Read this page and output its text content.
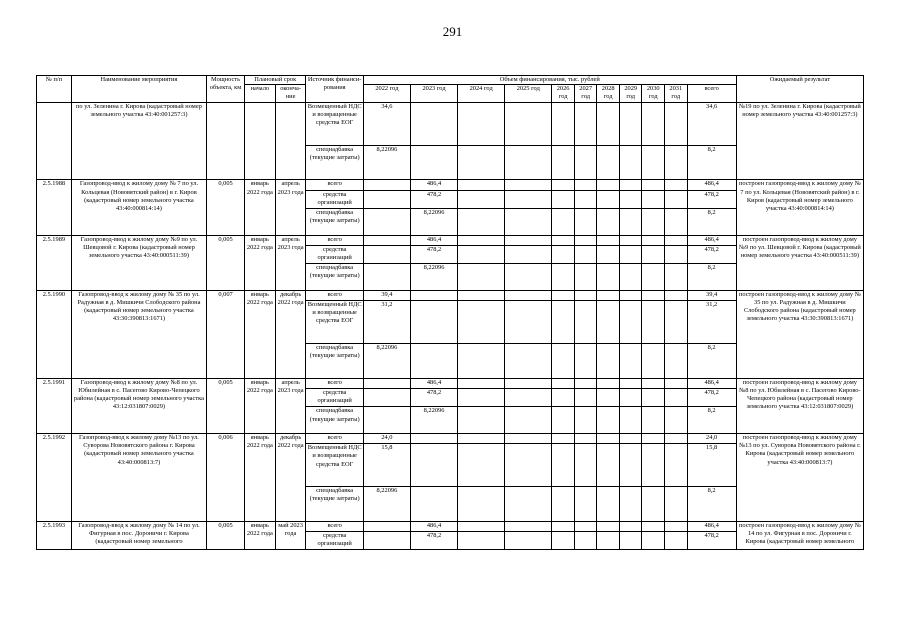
291
№ п/п	Наименование мероприятия	Мощность объекта, км	Плановый срок		Источник финанси-рования	Объем финансирования, тыс. рублей											Ожидаемый результат
			начало	оконча-ние		2022 год	2023 год	2024 год	2025 год	2026 год	2027 год	2028 год	2029 год	2030 год	2031 год	всего	

	по ул. Зеленина г. Кирова (кадастровый номер земельного участка 43:40:001257:3)				Возмещенный НДС и возвращенные средства ЕОГ	34,6										34,6	№19 по ул. Зеленина г. Кирова (кадастровый номер земельного участка 43:40:001257:3)
					спецнадбавка (текущие затраты)	8,22096										8,2	
2.5.1988	Газопровод-ввод к жилому дому № 7 по ул. Кольцевая (Нововятский район) в г. Киров (кадастровый номер земельного участка 43:40:000814:14)	0,005	январь 2022 года	апрель 2023 года	всего		486,4									486,4	построен газопровод-ввод к жилому дому № 7 по ул. Кольцевая (Нововятский район) в г. Киров (кадастровый номер земельного участка 43:40:000814:14)
					средства организаций		478,2									478,2	
					спецнадбавка (текущие затраты)		8,22096									8,2	
2.5.1989	Газопровод-ввод к жилому дому №9 по ул. Шевцовой г. Кирова (кадастровый номер земельного участка 43:40:000511:39)	0,005	январь 2022 года	апрель 2023 года	всего		486,4									486,4	построен газопровод-ввод к жилому дому №9 по ул. Шевцовой г. Кирова (кадастровый номер земельного участка 43:40:000511:39)
					средства организаций		478,2									478,2	
					спецнадбавка (текущие затраты)		8,22096									8,2	
2.5.1990	Газопровод-ввод к жилому дому № 35 по ул. Радужная в д. Мишкичи Слободского района (кадастровый номер земельного участка 43:30:390813:1671)	0,007	январь 2022 года	декабрь 2022 года	всего	39,4										39,4	построен газопровод-ввод к жилому дому № 35 по ул. Радужная в д. Мишкичи Слободского района (кадастровый номер земельного участка 43:30:390813:1671)
					Возмещенный НДС и возвращенные средства ЕОГ	31,2										31,2	
					спецнадбавка (текущие затраты)	8,22096										8,2	
2.5.1991	Газопровод-ввод к жилому дому №8 по ул. Юбилейная в с. Пасегово Кирово-Чепецкого района (кадастровый номер земельного участка 43:12:031807:0029)	0,005	январь 2022 года	апрель 2023 года	всего		486,4									486,4	построен газопровод-ввод к жилому дому №8 по ул. Юбилейная в с. Пасегово Кирово-Чепецкого района (кадастровый номер земельного участка 43:12:031807:0029)
					средства организаций		478,2									478,2	
					спецнадбавка (текущие затраты)		8,22096									8,2	
2.5.1992	Газопровод-ввод к жилому дому №13 по ул. Суворова Нововятского района г. Кирова (кадастровый номер земельного участка 43:40:000813:7)	0,006	январь 2022 года	декабрь 2022 года	всего	24,0										24,0	построен газопровод-ввод к жилому дому №13 по ул. Суворова Нововятского района г. Кирова (кадастровый номер земельного участка 43:40:000813:7)
					Возмещенный НДС и возвращенные средства ЕОГ	15,8										15,8	
					спецнадбавка (текущие затраты)	8,22096										8,2	
2.5.1993	Газопровод-ввод к жилому дому № 14 по ул. Фигурная в пос. Дороничи г. Кирова (кадастровый номер земельного	0,005	январь 2022 года	май 2023 года	всего		486,4									486,4	построен газопровод-ввод к жилому дому № 14 по ул. Фигурная в пос. Дороничи г. Кирова (кадастровый номер земельного
					средства организаций		478,2									478,2	
